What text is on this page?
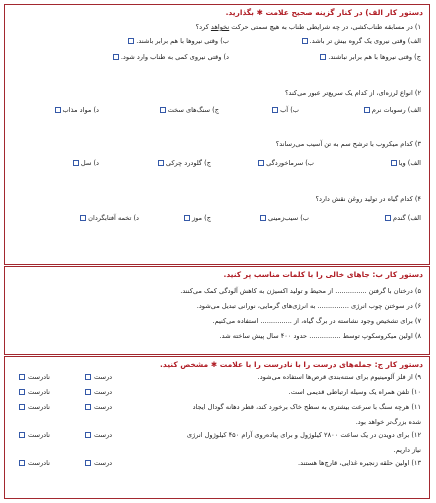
دستور کار الف) در کنار گزینه صحیح علامت ✱ بگذارید.
۱) در مسابقه طناب‌کشی، در چه شرایطی طناب به هیچ سمتی حرکت نخواهد کرد؟
الف) وقتی نیروی یک گروه بیش تر باشد.
ب) وقتی نیروها با هم برابر باشند.
ج) وقتی نیروها با هم برابر نباشند.
د) وقتی نیروی کمی به طناب وارد شود.
۲) انواع لرزه‌ای، از کدام یک سریع‌تر عبور می‌کند؟
الف) رسوبات نرم
ب) آب
ج) سنگ‌های سخت
د) مواد مذاب
۳) کدام میکروب با ترشح سم به تن آسیب می‌رساند؟
الف) ویا
ب) سرماخوردگی
ج) گلودرد چرکی
د) سل
۴) کدام گیاه در تولید روغن نقش دارد؟
الف) گندم
ب) سیب‌زمینی
ج) موز
د) تخمه آفتابگردان
دستور کار ب: جاهای خالی را با کلمات مناسب پر کنید.
۵) درختان با گرفتن ............... از محیط و تولید اکسیژن به کاهش آلودگی کمک می‌کنند.
۶) در سوختن چوب انرژی ............... به انرژی‌های گرمایی، نورانی تبدیل می‌شود.
۷) برای تشخیص وجود نشاسته در برگ گیاه، از ............... استفاده می‌کنیم.
۸) اولین میکروسکوپ توسط ............... حدود ۴۰۰ سال پیش ساخته شد.
دستور کار ج: جمله‌های درست را با نادرست را با علامت ✱ مشخص کنید.
۹) از فلز آلومینیوم برای ستنه‌بندی قرص‌ها استفاده می‌شود.
درست
نادرست
۱۰) تلفن همراه یک وسیله ارتباطی قدیمی است.
درست
نادرست
۱۱) هرچه سنگ با سرعت بیشتری به سطح خاک برخورد کند، قطر دهانه گودال ایجاد
درست
نادرست
شده بزرگ‌تر خواهد بود.
۱۲) برای دویدن در یک ساعت ۲۸۰۰ کیلوژول و برای پیاده‌روی آرام ۴۵۰ کیلوژول انرژی
درست
نادرست
نیاز داریم.
۱۳) اولین حلقه زنجیره غذایی، قارچ‌ها هستند.
درست
نادرست
